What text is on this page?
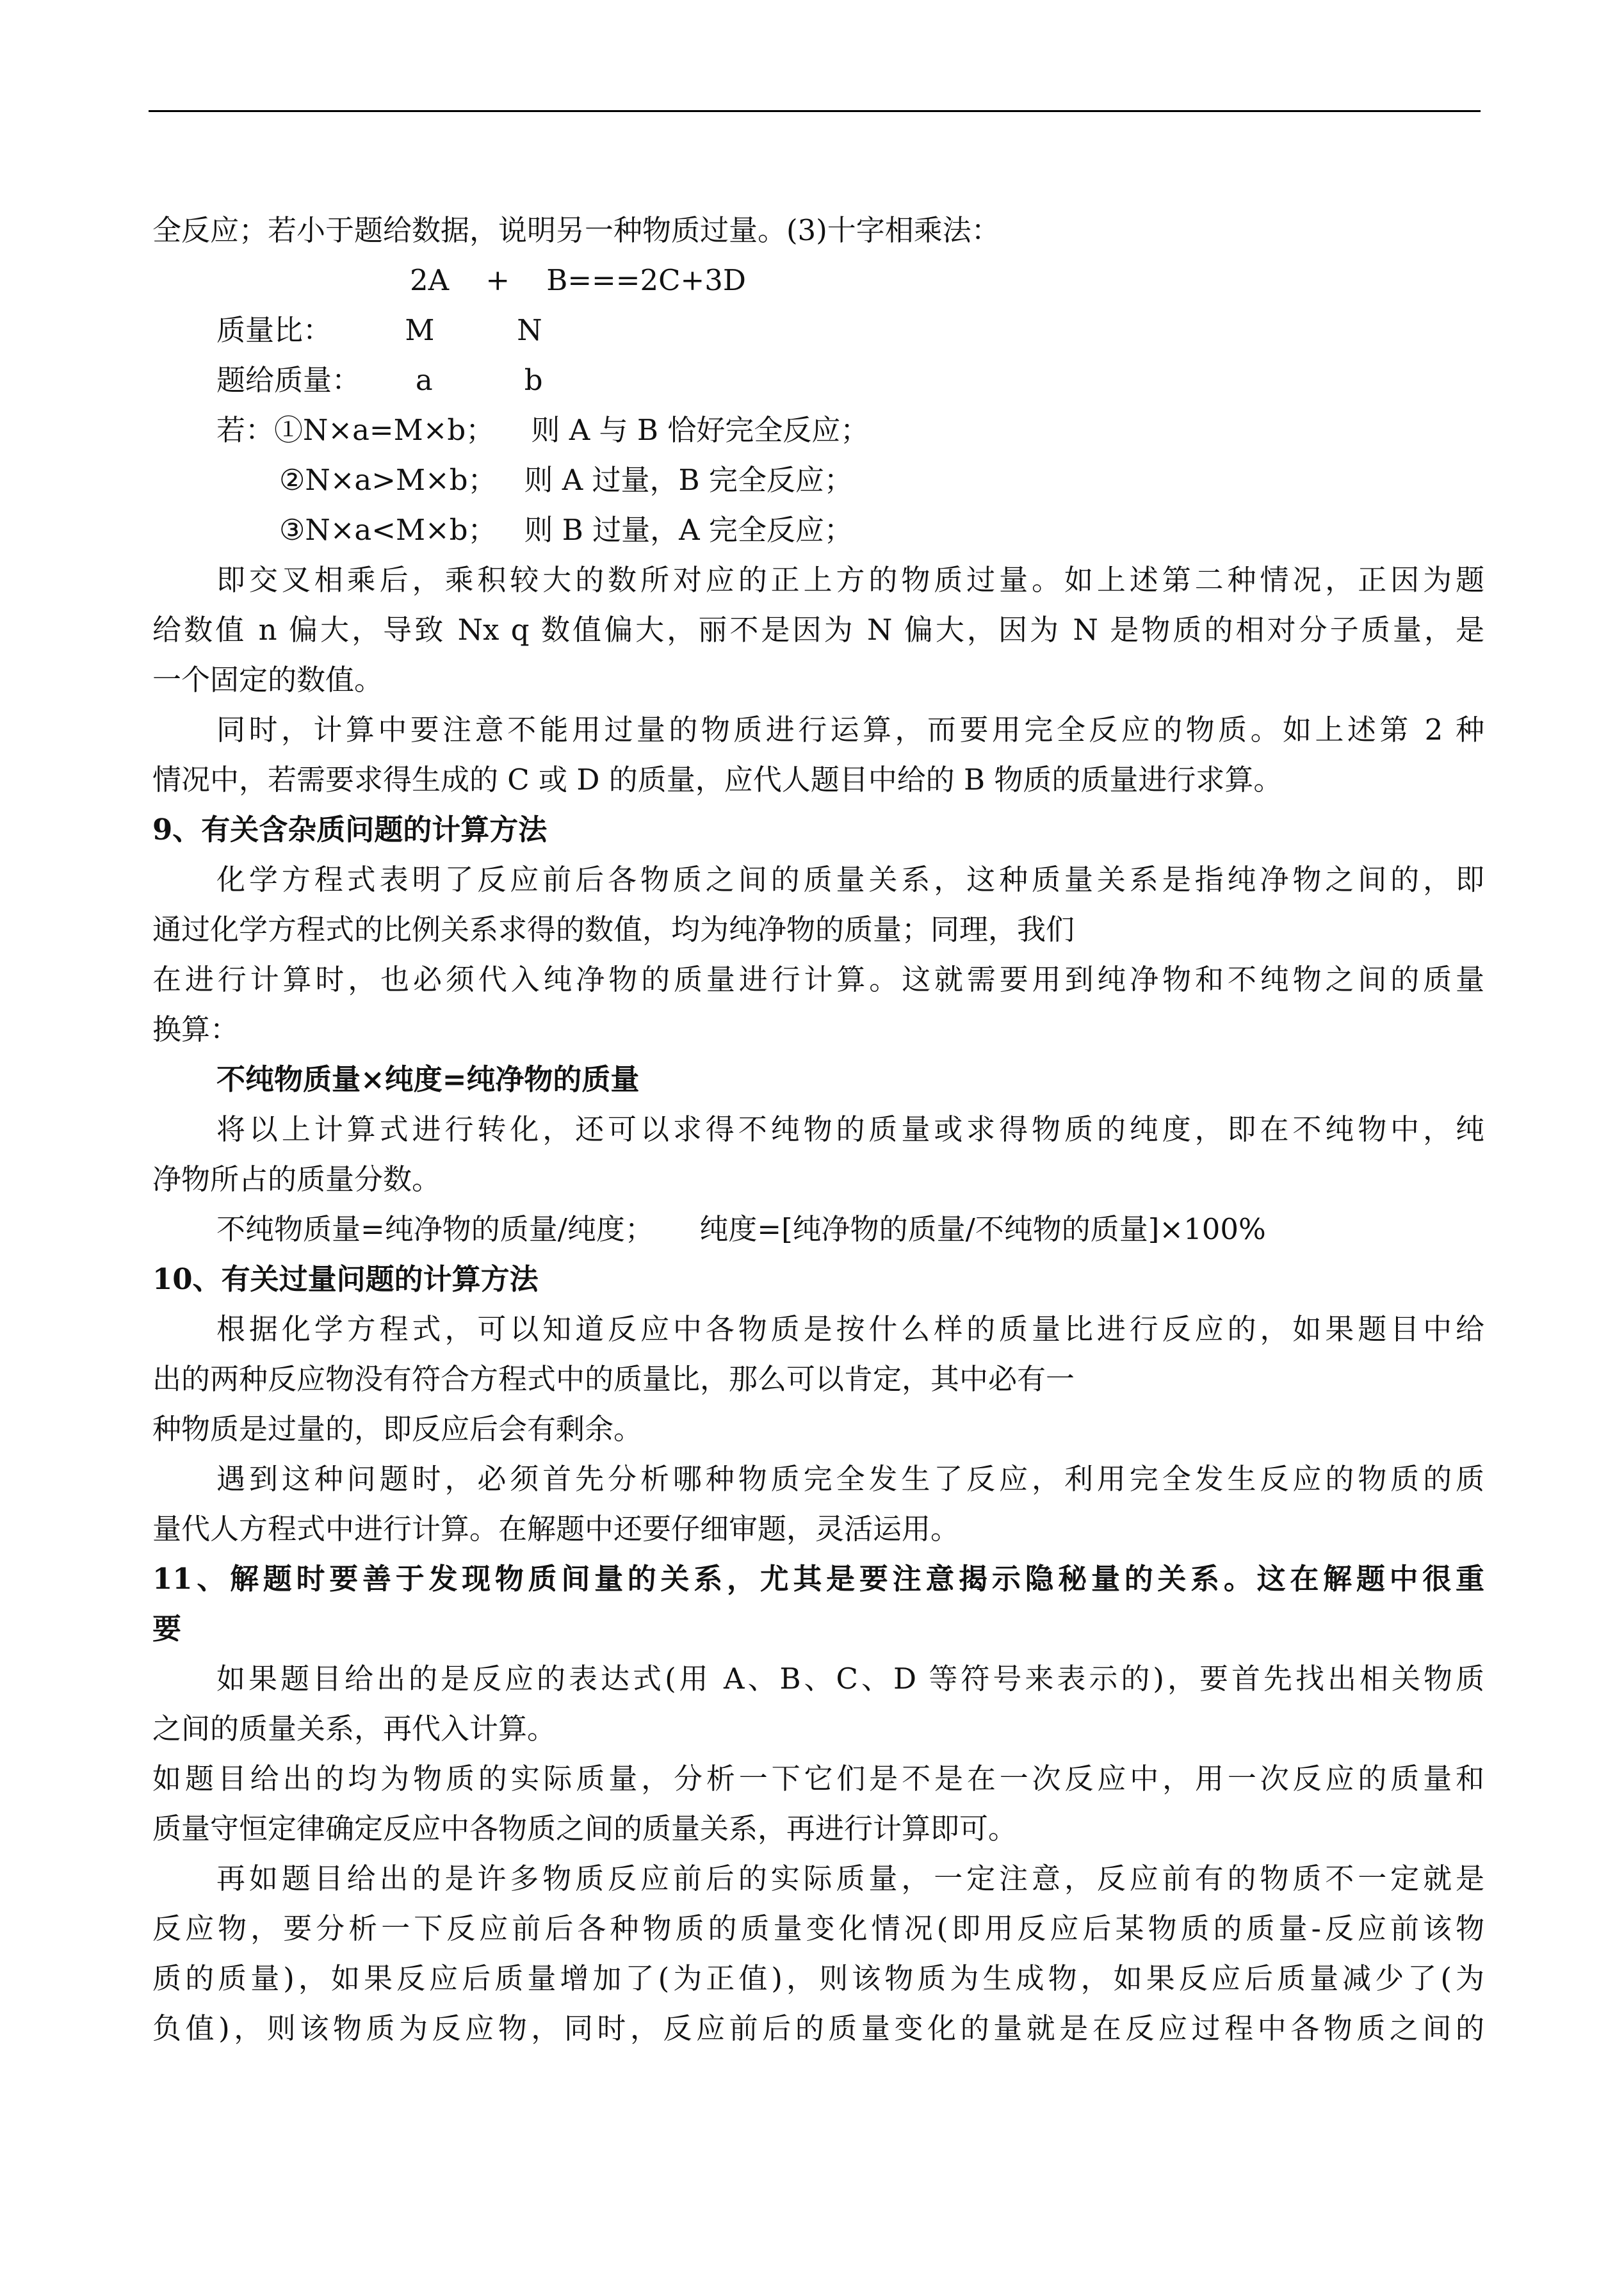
全反应；若小于题给数据，说明另一种物质过量。(3)十字相乘法：
2A    +    B===2C+3D
质量比：        M         N
题给质量：      a          b
若：①N×a=M×b；    则 A 与 B 恰好完全反应；
②N×a>M×b；   则 A 过量，B 完全反应；
③N×a<M×b；   则 B 过量，A 完全反应；
即交叉相乘后，乘积较大的数所对应的正上方的物质过量。如上述第二种情况，正因为题
给数值 n 偏大，导致 Nx q 数值偏大，丽不是因为 N 偏大，因为 N 是物质的相对分子质量，是
一个固定的数值。
同时，计算中要注意不能用过量的物质进行运算，而要用完全反应的物质。如上述第 2 种
情况中，若需要求得生成的 C 或 D 的质量，应代人题目中给的 B 物质的质量进行求算。
9、有关含杂质问题的计算方法
化学方程式表明了反应前后各物质之间的质量关系，这种质量关系是指纯净物之间的，即
通过化学方程式的比例关系求得的数值，均为纯净物的质量；同理，我们
在进行计算时，也必须代入纯净物的质量进行计算。这就需要用到纯净物和不纯物之间的质量
换算：
不纯物质量×纯度=纯净物的质量
将以上计算式进行转化，还可以求得不纯物的质量或求得物质的纯度，即在不纯物中，纯
净物所占的质量分数。
不纯物质量=纯净物的质量/纯度；     纯度=[纯净物的质量/不纯物的质量]×100%
10、有关过量问题的计算方法
根据化学方程式，可以知道反应中各物质是按什么样的质量比进行反应的，如果题目中给
出的两种反应物没有符合方程式中的质量比，那么可以肯定，其中必有一
种物质是过量的，即反应后会有剩余。
遇到这种问题时，必须首先分析哪种物质完全发生了反应，利用完全发生反应的物质的质
量代人方程式中进行计算。在解题中还要仔细审题，灵活运用。
11、解题时要善于发现物质间量的关系，尤其是要注意揭示隐秘量的关系。这在解题中很重
要
如果题目给出的是反应的表达式(用 A、B、C、D 等符号来表示的)，要首先找出相关物质
之间的质量关系，再代入计算。
如题目给出的均为物质的实际质量，分析一下它们是不是在一次反应中，用一次反应的质量和
质量守恒定律确定反应中各物质之间的质量关系，再进行计算即可。
再如题目给出的是许多物质反应前后的实际质量，一定注意，反应前有的物质不一定就是
反应物，要分析一下反应前后各种物质的质量变化情况(即用反应后某物质的质量-反应前该物
质的质量)，如果反应后质量增加了(为正值)，则该物质为生成物，如果反应后质量减少了(为
负值)，则该物质为反应物，同时，反应前后的质量变化的量就是在反应过程中各物质之间的
